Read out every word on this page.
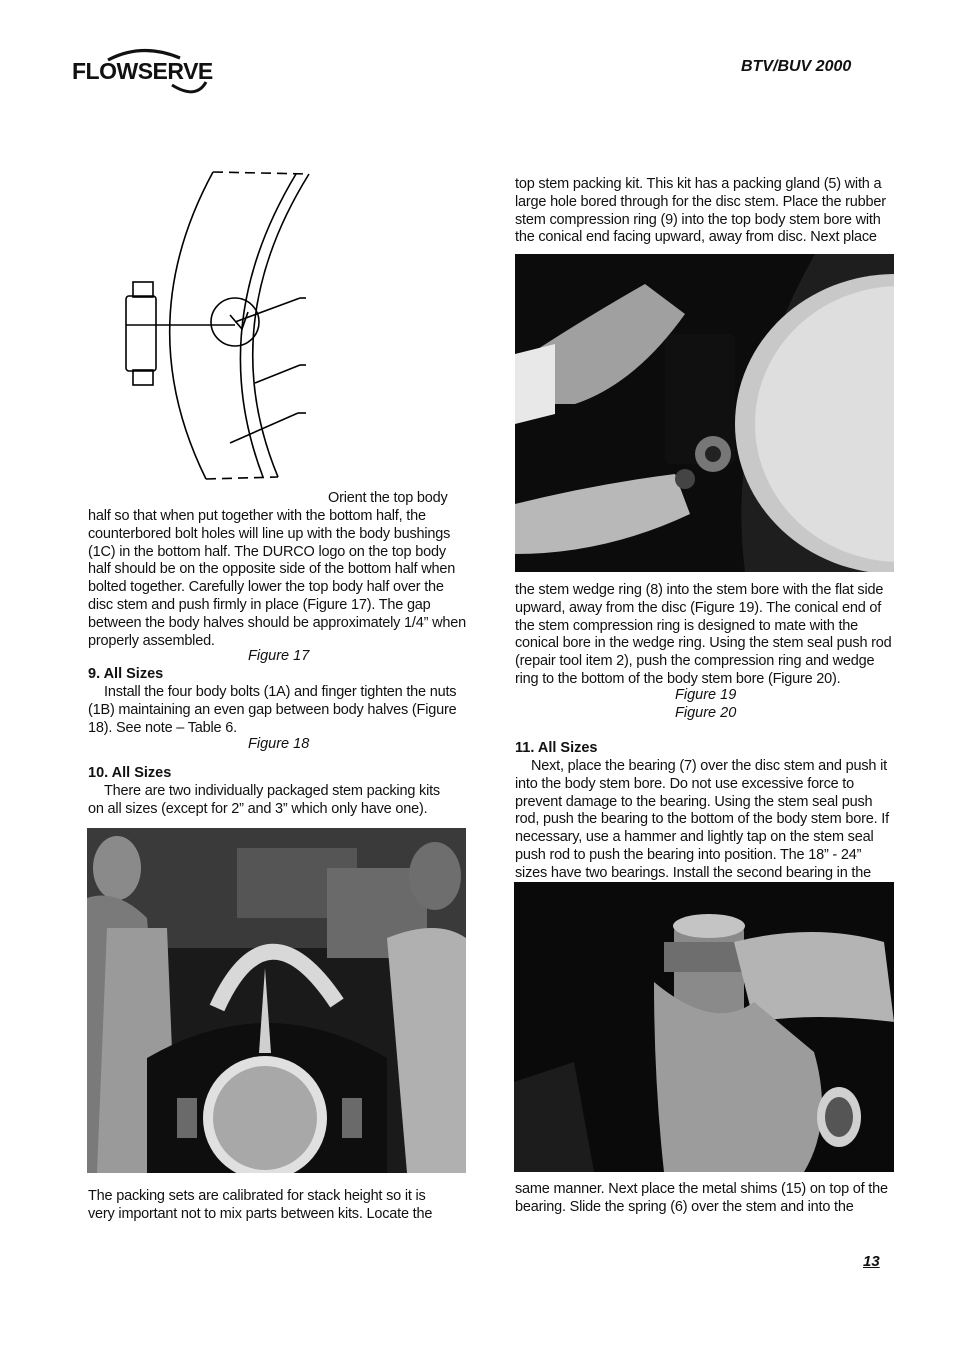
FLOWSERVE	BTV/BUV 2000
Orient the top body
half so that when put together with the bottom half, the counterbored bolt holes will line up with the body bushings (1C) in the bottom half. The DURCO logo on the top body half should be on the opposite side of the bottom half when bolted together. Carefully lower the top body half over the disc stem and push firmly in place (Figure 17). The gap between the body halves should be approximately 1/4” when properly assembled.
Figure 17
9. All Sizes
Install the four body bolts (1A) and finger tighten the nuts (1B) maintaining an even gap between body halves (Figure 18). See note – Table 6.
Figure 18
10. All Sizes
There are two individually packaged stem packing kits on all sizes (except for 2” and 3” which only have one).
The packing sets are calibrated for stack height so it is very important not to mix parts between kits. Locate the
top stem packing kit. This kit has a packing gland (5) with a large hole bored through for the disc stem. Place the rubber stem compression ring (9) into the top body stem bore with the conical end facing upward, away from disc. Next place
the stem wedge ring (8) into the stem bore with the flat side upward, away from the disc (Figure 19). The conical end of the stem compression ring is designed to mate with the conical bore in the wedge ring. Using the stem seal push rod (repair tool item 2), push the compression ring and wedge ring to the bottom of the body stem bore (Figure 20).
Figure 19
Figure 20
11. All Sizes
Next, place the bearing (7) over the disc stem and push it into the body stem bore. Do not use excessive force to prevent damage to the bearing. Using the stem seal push rod, push the bearing to the bottom of the body stem bore. If necessary, use a hammer and lightly tap on the stem seal push rod to push the bearing into position. The 18” - 24” sizes have two bearings. Install the second bearing in the
same manner. Next place the metal shims (15) on top of the bearing. Slide the spring (6) over the stem and into the
13
